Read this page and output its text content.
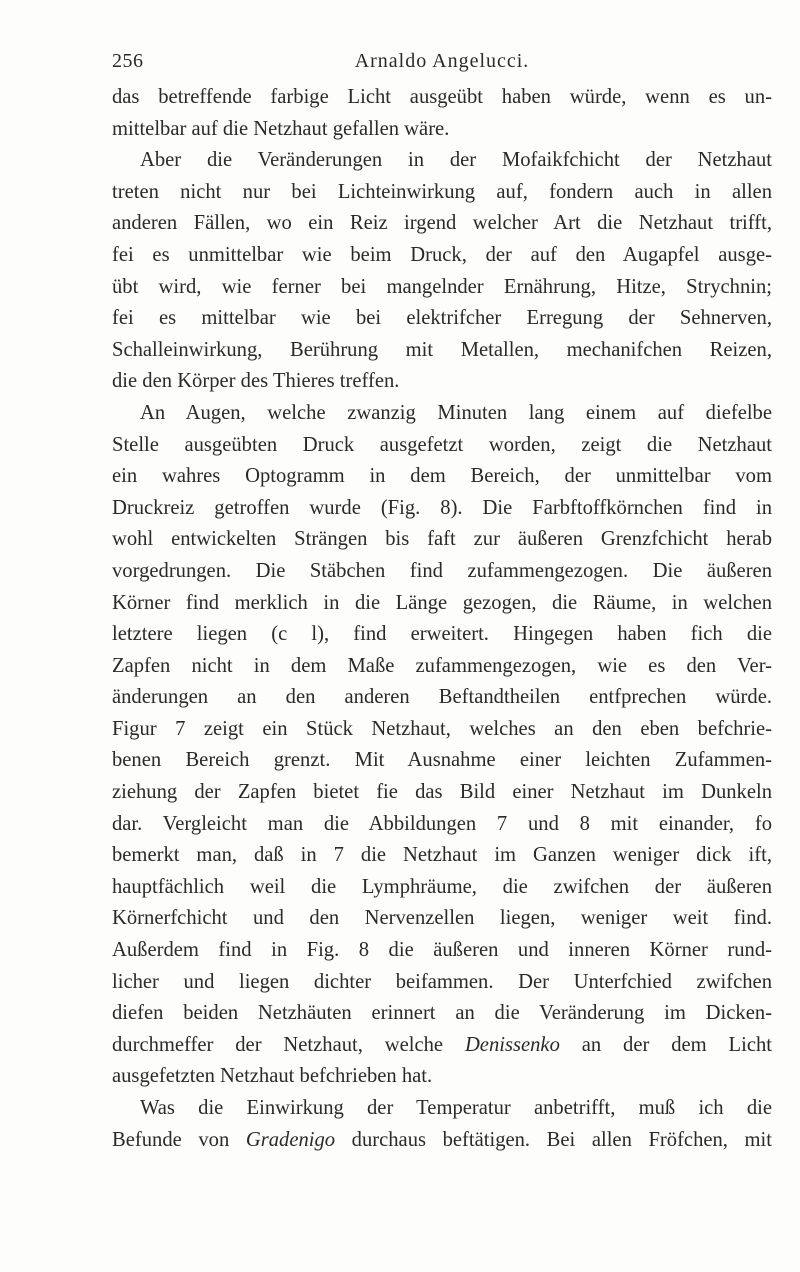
256	Arnaldo Angelucci.
das betreffende farbige Licht ausgeübt haben würde, wenn es un-
mittelbar auf die Netzhaut gefallen wäre.
Aber die Veränderungen in der Mofaikfchicht der Netzhaut
treten nicht nur bei Lichteinwirkung auf, fondern auch in allen
anderen Fällen, wo ein Reiz irgend welcher Art die Netzhaut trifft,
fei es unmittelbar wie beim Druck, der auf den Augapfel ausge-
übt wird, wie ferner bei mangelnder Ernährung, Hitze, Strychnin;
fei es mittelbar wie bei elektrifcher Erregung der Sehnerven,
Schalleinwirkung, Berührung mit Metallen, mechanifchen Reizen,
die den Körper des Thieres treffen.
An Augen, welche zwanzig Minuten lang einem auf diefelbe
Stelle ausgeübten Druck ausgefetzt worden, zeigt die Netzhaut
ein wahres Optogramm in dem Bereich, der unmittelbar vom
Druckreiz getroffen wurde (Fig. 8). Die Farbftoffkörnchen find in
wohl entwickelten Strängen bis faft zur äußeren Grenzfchicht herab
vorgedrungen. Die Stäbchen find zufammengezogen. Die äußeren
Körner find merklich in die Länge gezogen, die Räume, in welchen
letztere liegen (c l), find erweitert. Hingegen haben fich die
Zapfen nicht in dem Maße zufammengezogen, wie es den Ver-
änderungen an den anderen Beftandtheilen entfprechen würde.
Figur 7 zeigt ein Stück Netzhaut, welches an den eben befchrie-
benen Bereich grenzt. Mit Ausnahme einer leichten Zufammen-
ziehung der Zapfen bietet fie das Bild einer Netzhaut im Dunkeln
dar. Vergleicht man die Abbildungen 7 und 8 mit einander, fo
bemerkt man, daß in 7 die Netzhaut im Ganzen weniger dick ift,
hauptfächlich weil die Lymphräume, die zwifchen der äußeren
Körnerfchicht und den Nervenzellen liegen, weniger weit find.
Außerdem find in Fig. 8 die äußeren und inneren Körner rund-
licher und liegen dichter beifammen. Der Unterfchied zwifchen
diefen beiden Netzhäuten erinnert an die Veränderung im Dicken-
durchmeffer der Netzhaut, welche Denissenko an der dem Licht
ausgefetzten Netzhaut befchrieben hat.
Was die Einwirkung der Temperatur anbetrifft, muß ich die
Befunde von Gradenigo durchaus beftätigen. Bei allen Fröfchen, mit
